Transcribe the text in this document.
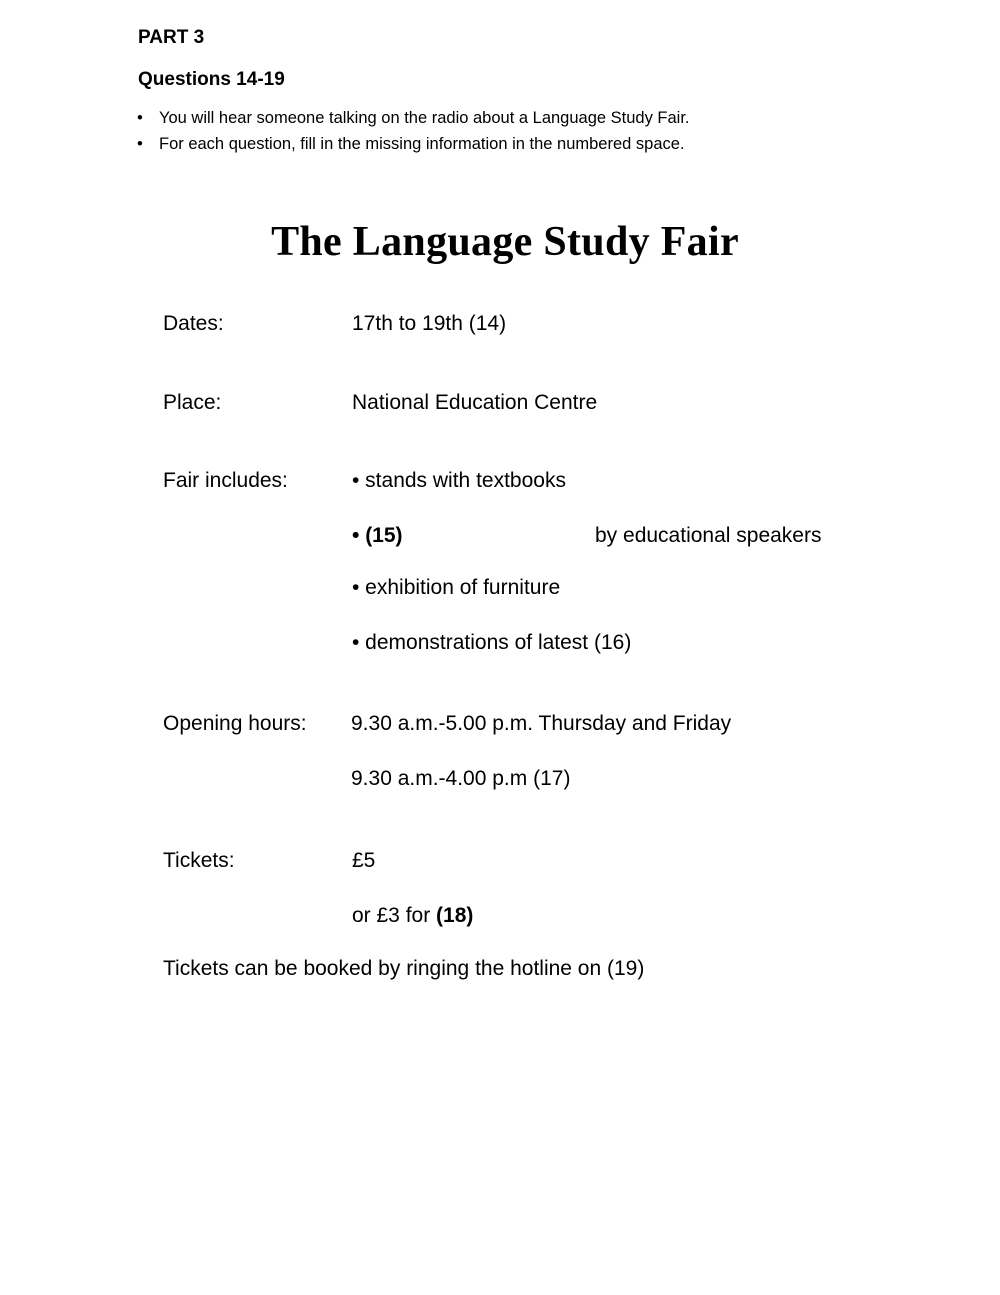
PART 3
Questions 14-19
• You will hear someone talking on the radio about a Language Study Fair.
• For each question, fill in the missing information in the numbered space.
The Language Study Fair
Dates:	17th to 19th (14)
Place:	National Education Centre
Fair includes:	• stands with textbooks
• (15)	by educational speakers
• exhibition of furniture
• demonstrations of latest (16)
Opening hours: 9.30 a.m.-5.00 p.m. Thursday and Friday
9.30 a.m.-4.00 p.m (17)
Tickets:	£5
or £3 for (18)
Tickets can be booked by ringing the hotline on (19)
